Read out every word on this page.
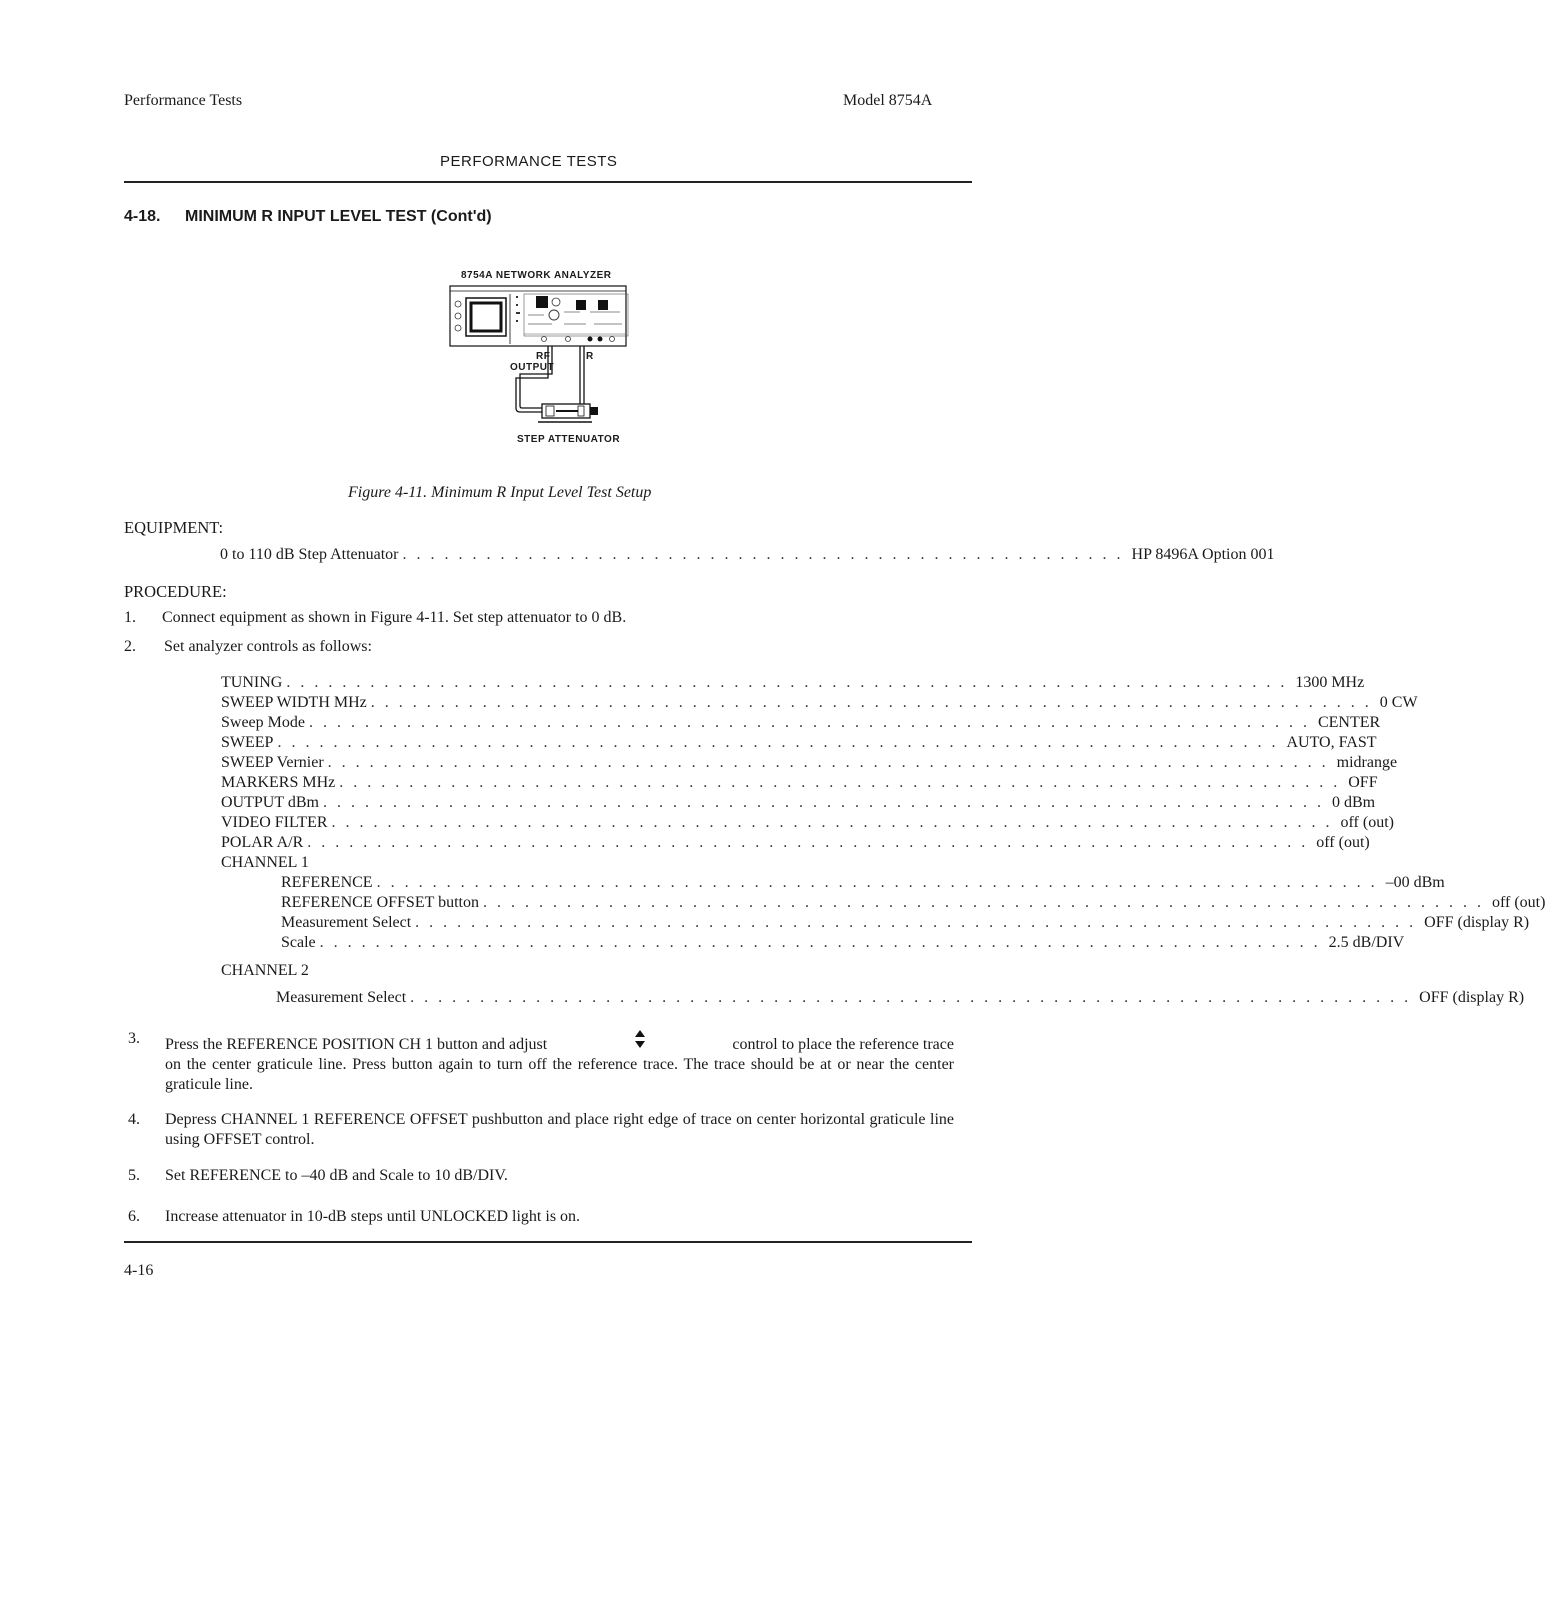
Performance Tests	Model 8754A
PERFORMANCE TESTS
4-18. MINIMUM R INPUT LEVEL TEST (Cont'd)
8754A NETWORK ANALYZER
RF
OUTPUT
R
STEP ATTENUATOR
Figure 4-11. Minimum R Input Level Test Setup
EQUIPMENT:
0 to 110 dB Step Attenuator . . . . . . . . . . . . . . . . . . . . . . . . . . . . . . . . . . . . . . . . . . . . . . . . . . . . HP 8496A Option 001
PROCEDURE:
1. Connect equipment as shown in Figure 4-11. Set step attenuator to 0 dB.
2. Set analyzer controls as follows:
TUNING . . . . . . . . . . . . . . . . . . . . . . . . . . . . . . . . . . . . . . . . . . . . . . . . . . . . . . . . . . . . . . . . . . . . . . . . 1300 MHz
SWEEP WIDTH MHz . . . . . . . . . . . . . . . . . . . . . . . . . . . . . . . . . . . . . . . . . . . . . . . . . . . . . . . . . . . . . . . . . . . . . . . . 0 CW
Sweep Mode . . . . . . . . . . . . . . . . . . . . . . . . . . . . . . . . . . . . . . . . . . . . . . . . . . . . . . . . . . . . . . . . . . . . . . . . CENTER
SWEEP . . . . . . . . . . . . . . . . . . . . . . . . . . . . . . . . . . . . . . . . . . . . . . . . . . . . . . . . . . . . . . . . . . . . . . . . AUTO, FAST
SWEEP Vernier . . . . . . . . . . . . . . . . . . . . . . . . . . . . . . . . . . . . . . . . . . . . . . . . . . . . . . . . . . . . . . . . . . . . . . . . midrange
MARKERS MHz . . . . . . . . . . . . . . . . . . . . . . . . . . . . . . . . . . . . . . . . . . . . . . . . . . . . . . . . . . . . . . . . . . . . . . . . OFF
OUTPUT dBm . . . . . . . . . . . . . . . . . . . . . . . . . . . . . . . . . . . . . . . . . . . . . . . . . . . . . . . . . . . . . . . . . . . . . . . . 0 dBm
VIDEO FILTER . . . . . . . . . . . . . . . . . . . . . . . . . . . . . . . . . . . . . . . . . . . . . . . . . . . . . . . . . . . . . . . . . . . . . . . . off (out)
POLAR A/R . . . . . . . . . . . . . . . . . . . . . . . . . . . . . . . . . . . . . . . . . . . . . . . . . . . . . . . . . . . . . . . . . . . . . . . . off (out)
REFERENCE . . . . . . . . . . . . . . . . . . . . . . . . . . . . . . . . . . . . . . . . . . . . . . . . . . . . . . . . . . . . . . . . . . . . . . . . –00 dBm
REFERENCE OFFSET button . . . . . . . . . . . . . . . . . . . . . . . . . . . . . . . . . . . . . . . . . . . . . . . . . . . . . . . . . . . . . . . . . . . . . . . . off (out)
Measurement Select . . . . . . . . . . . . . . . . . . . . . . . . . . . . . . . . . . . . . . . . . . . . . . . . . . . . . . . . . . . . . . . . . . . . . . . . OFF (display R)
Scale . . . . . . . . . . . . . . . . . . . . . . . . . . . . . . . . . . . . . . . . . . . . . . . . . . . . . . . . . . . . . . . . . . . . . . . . 2.5 dB/DIV
Measurement Select . . . . . . . . . . . . . . . . . . . . . . . . . . . . . . . . . . . . . . . . . . . . . . . . . . . . . . . . . . . . . . . . . . . . . . . . OFF (display R)
CHANNEL 1
CHANNEL 2
3. Press the REFERENCE POSITION CH 1 button and adjust	control to place the reference trace
on the center graticule line. Press button again to turn off the reference trace. The trace should be at or near the center graticule line.
4. Depress CHANNEL 1 REFERENCE OFFSET pushbutton and place right edge of trace on center horizontal graticule line using OFFSET control.
5. Set REFERENCE to –40 dB and Scale to 10 dB/DIV.
6. Increase attenuator in 10-dB steps until UNLOCKED light is on.
4-16
